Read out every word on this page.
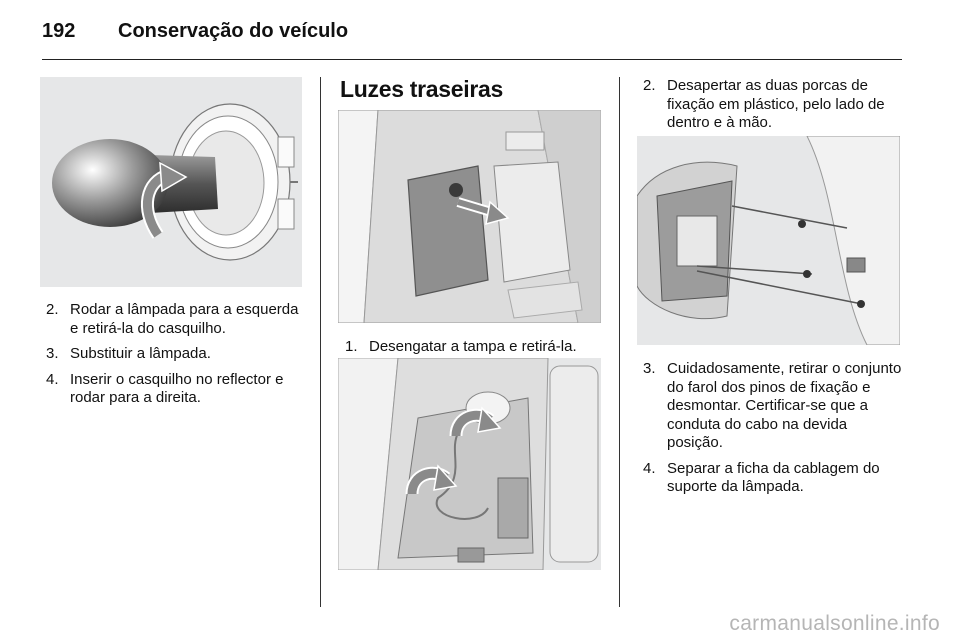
192 Conservação do veículo
2. Rodar a lâmpada para a esquerda e retirá-la do casquilho.
3. Substituir a lâmpada.
4. Inserir o casquilho no reflector e rodar para a direita.
Luzes traseiras
1. Desengatar a tampa e retirá-la.
2. Desapertar as duas porcas de fixação em plástico, pelo lado de dentro e à mão.
3. Cuidadosamente, retirar o conjunto do farol dos pinos de fixação e desmontar. Certificar-se que a conduta do cabo na devida posição.
4. Separar a ficha da cablagem do suporte da lâmpada.
carmanualsonline.info
